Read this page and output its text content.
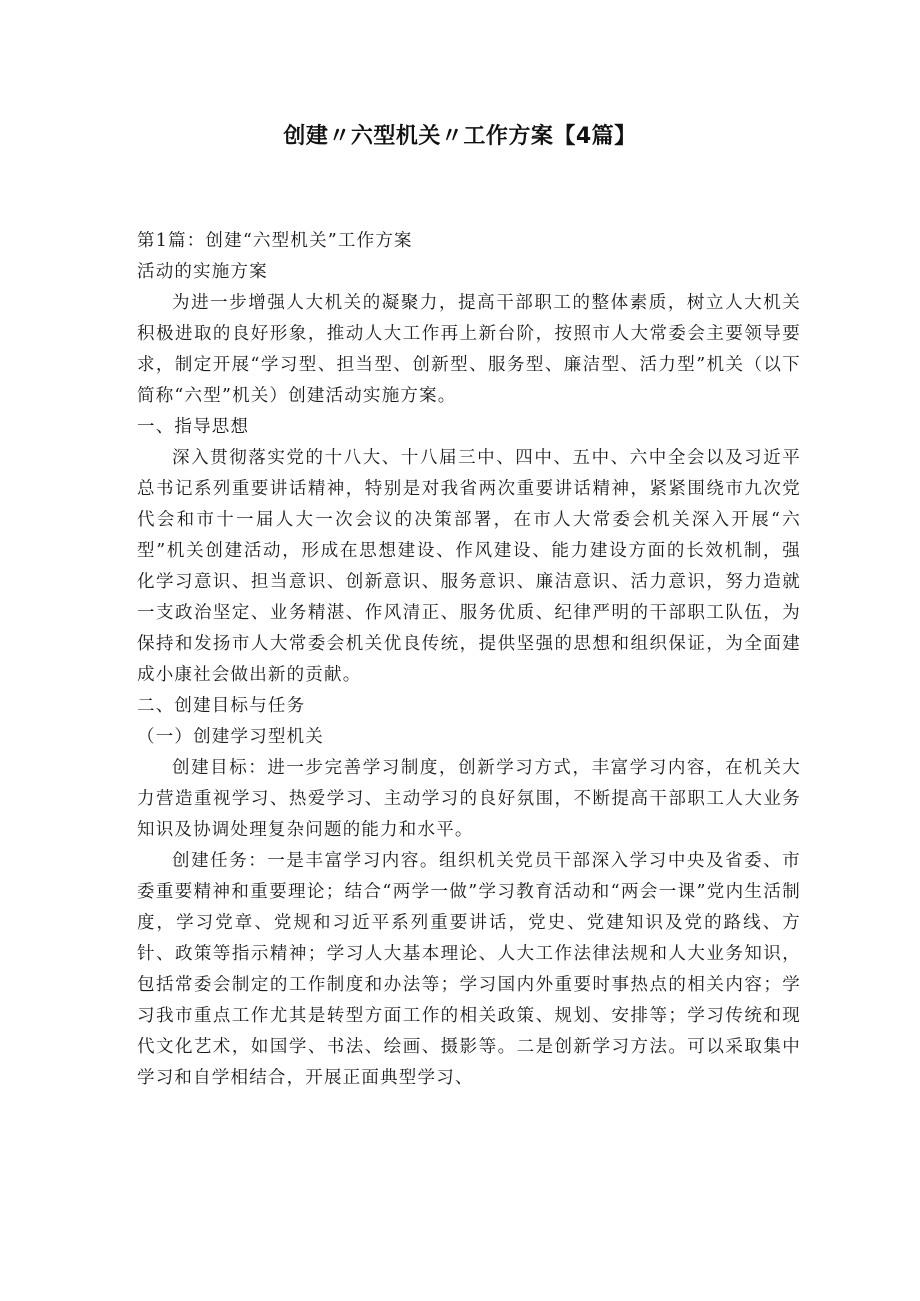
创建〃六型机关〃工作方案【4篇】

第1篇：创建“六型机关”工作方案

活动的实施方案

为进一步增强人大机关的凝聚力，提高干部职工的整体素质，树立人大机关积极进取的良好形象，推动人大工作再上新台阶，按照市人大常委会主要领导要求，制定开展“学习型、担当型、创新型、服务型、廉洁型、活力型”机关（以下简称“六型”机关）创建活动实施方案。

一、指导思想

深入贯彻落实党的十八大、十八届三中、四中、五中、六中全会以及习近平总书记系列重要讲话精神，特别是对我省两次重要讲话精神，紧紧围绕市九次党代会和市十一届人大一次会议的决策部署，在市人大常委会机关深入开展“六型”机关创建活动，形成在思想建设、作风建设、能力建设方面的长效机制，强化学习意识、担当意识、创新意识、服务意识、廉洁意识、活力意识，努力造就一支政治坚定、业务精湛、作风清正、服务优质、纪律严明的干部职工队伍，为保持和发扬市人大常委会机关优良传统，提供坚强的思想和组织保证，为全面建成小康社会做出新的贡献。

二、创建目标与任务

（一）创建学习型机关

创建目标：进一步完善学习制度，创新学习方式，丰富学习内容，在机关大力营造重视学习、热爱学习、主动学习的良好氛围，不断提高干部职工人大业务知识及协调处理复杂问题的能力和水平。

创建任务：一是丰富学习内容。组织机关党员干部深入学习中央及省委、市委重要精神和重要理论；结合“两学一做”学习教育活动和“两会一课”党内生活制度，学习党章、党规和习近平系列重要讲话，党史、党建知识及党的路线、方针、政策等指示精神；学习人大基本理论、人大工作法律法规和人大业务知识，包括常委会制定的工作制度和办法等；学习国内外重要时事热点的相关内容；学习我市重点工作尤其是转型方面工作的相关政策、规划、安排等；学习传统和现代文化艺术，如国学、书法、绘画、摄影等。二是创新学习方法。可以采取集中学习和自学相结合，开展正面典型学习、
